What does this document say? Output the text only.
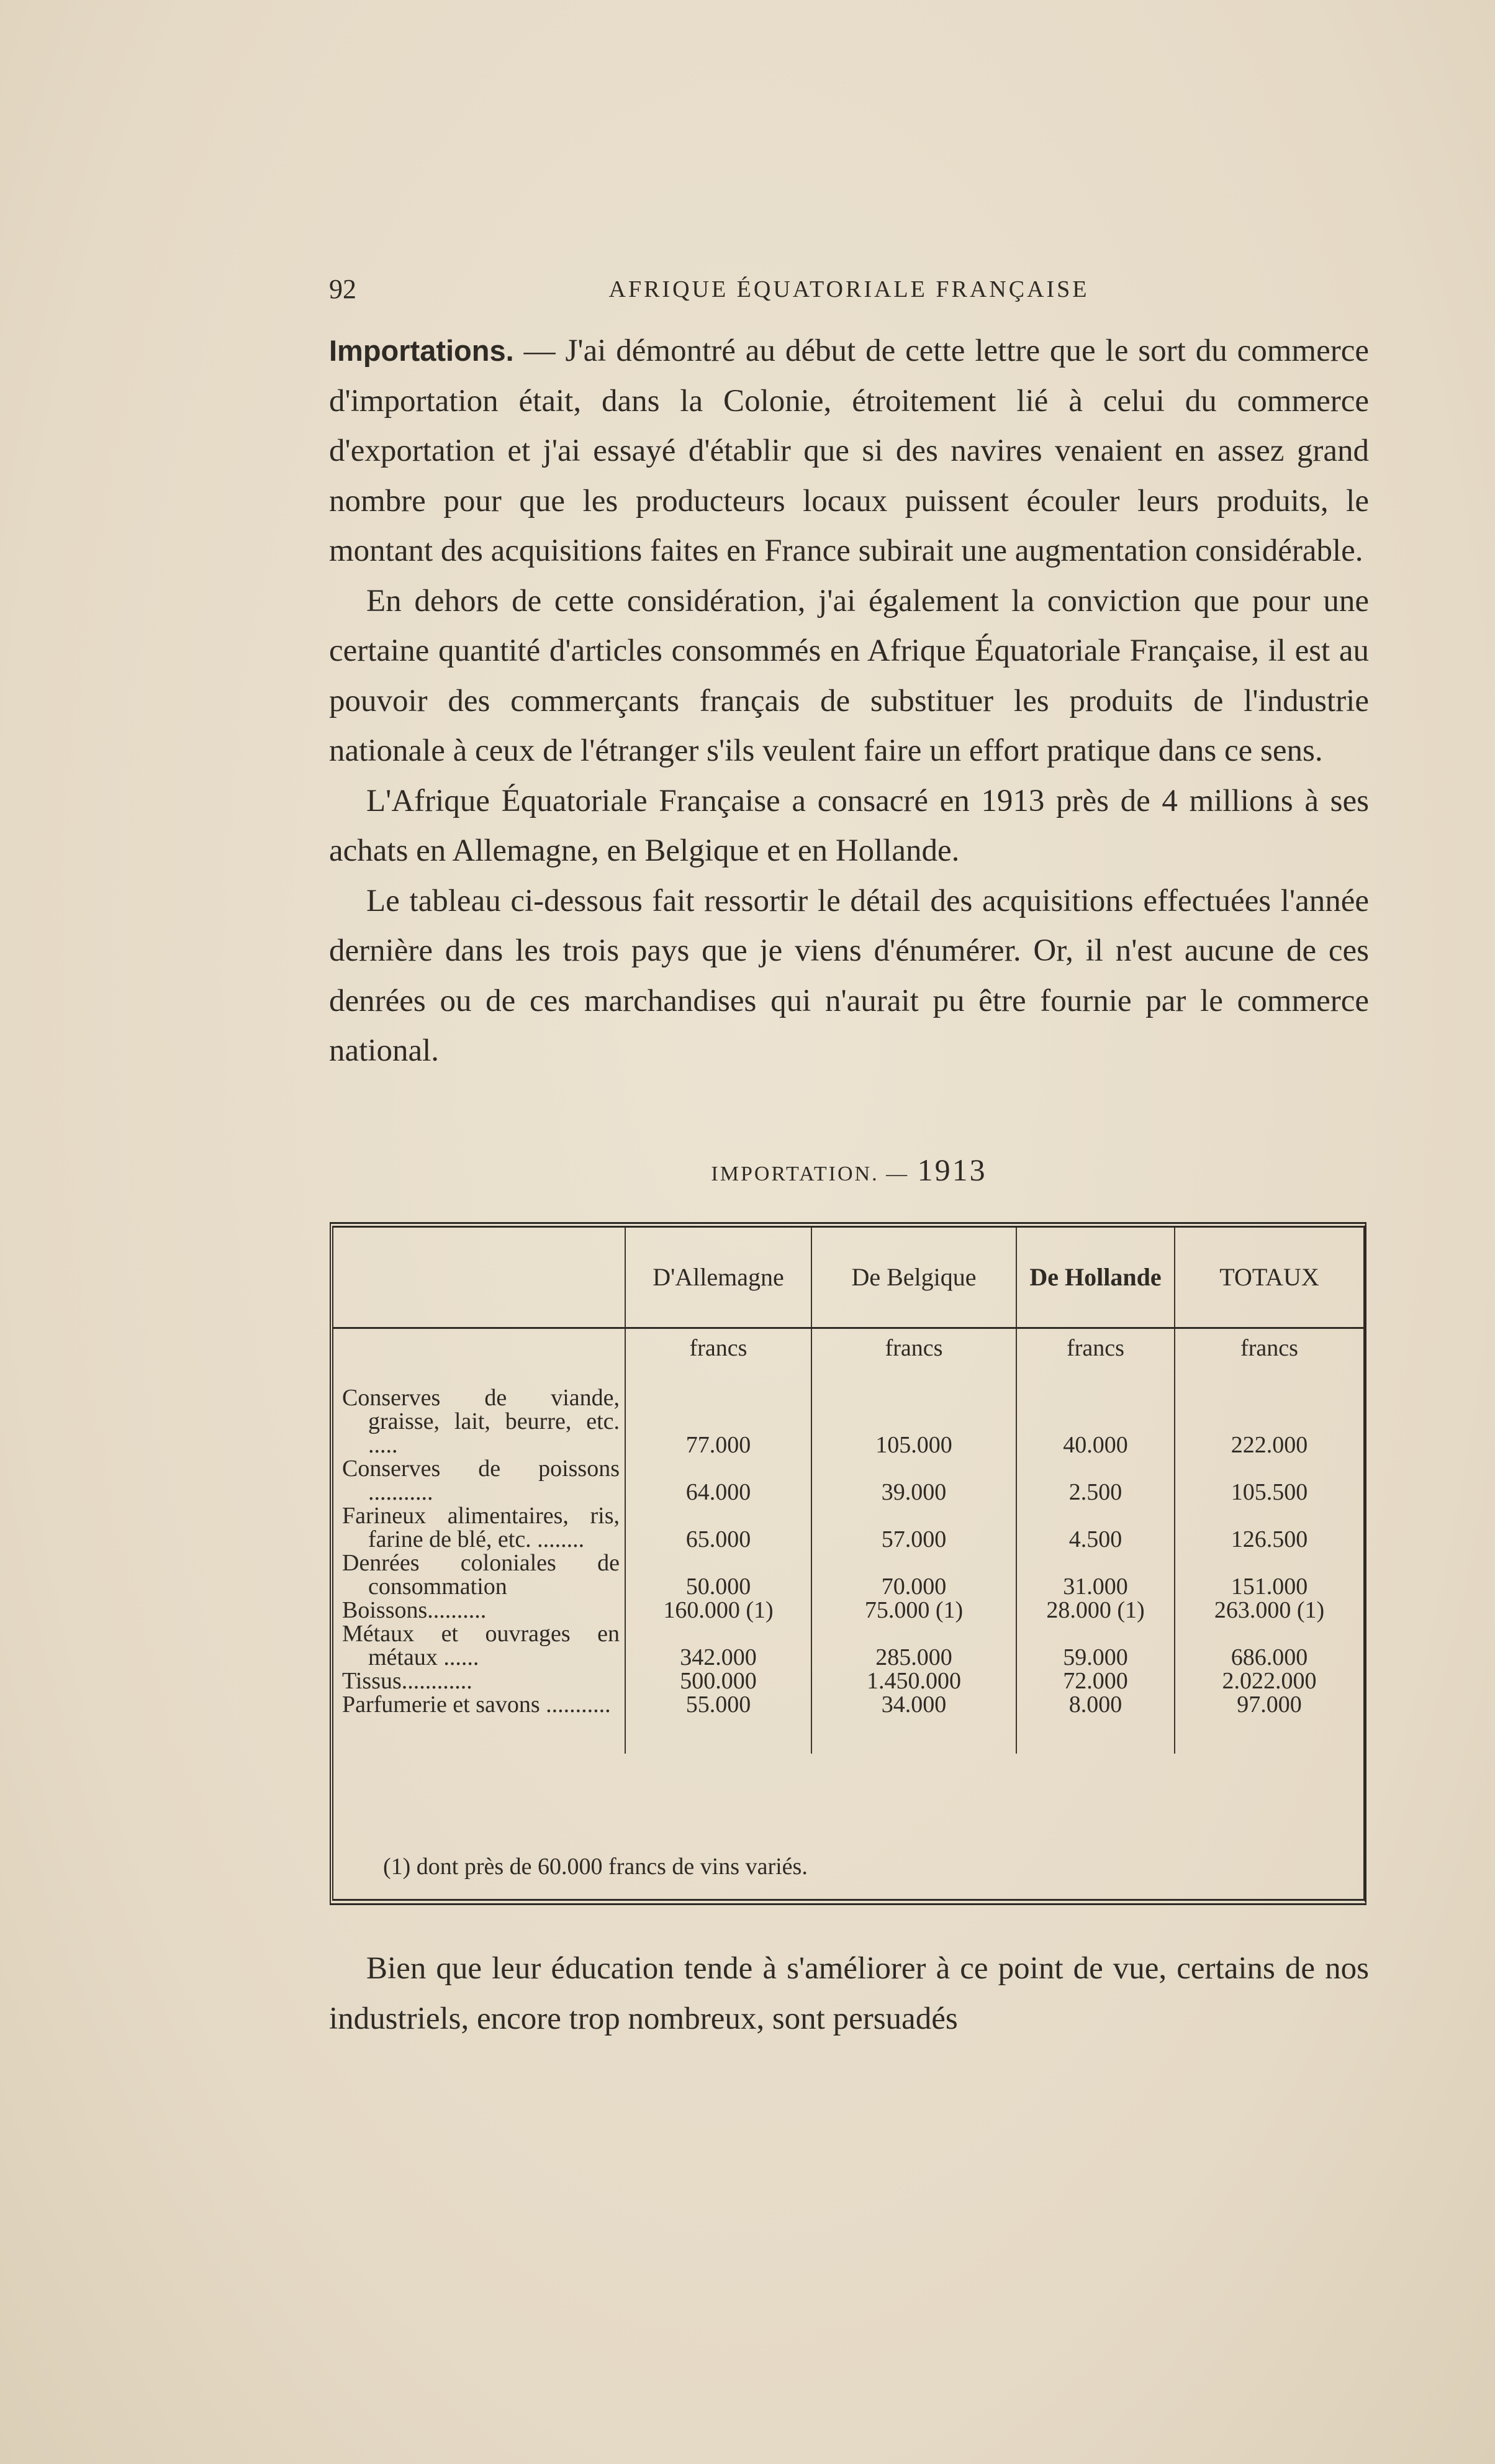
92	AFRIQUE ÉQUATORIALE FRANÇAISE

Importations. — J'ai démontré au début de cette lettre que le sort du commerce d'importation était, dans la Colonie, étroitement lié à celui du commerce d'exportation et j'ai essayé d'établir que si des navires venaient en assez grand nombre pour que les producteurs locaux puissent écouler leurs produits, le montant des acquisitions faites en France subirait une augmentation considérable.

En dehors de cette considération, j'ai également la conviction que pour une certaine quantité d'articles consommés en Afrique Équatoriale Française, il est au pouvoir des commerçants français de substituer les produits de l'industrie nationale à ceux de l'étranger s'ils veulent faire un effort pratique dans ce sens.

L'Afrique Équatoriale Française a consacré en 1913 près de 4 millions à ses achats en Allemagne, en Belgique et en Hollande.

Le tableau ci-dessous fait ressortir le détail des acquisitions effectuées l'année dernière dans les trois pays que je viens d'énumérer. Or, il n'est aucune de ces denrées ou de ces marchandises qui n'aurait pu être fournie par le commerce national.

IMPORTATION. — 1913
	D'Allemagne	De Belgique	De Hollande	TOTAUX
	francs	francs	francs	francs

Conserves de viande, graisse, lait, beurre, etc. .....	77.000	105.000	40.000	222.000

Conserves de poissons ...........	64.000	39.000	2.500	105.500

Farineux alimentaires, ris, farine de blé, etc. ........	65.000	57.000	4.500	126.500

Denrées coloniales de consommation	50.000	70.000	31.000	151.000

Boissons..........	160.000 (1)	75.000 (1)	28.000 (1)	263.000 (1)

Métaux et ouvrages en métaux ......	342.000	285.000	59.000	686.000

Tissus............	500.000	1.450.000	72.000	2.022.000

Parfumerie et savons ...........	55.000	34.000	8.000	97.000

(1) dont près de 60.000 francs de vins variés.

Bien que leur éducation tende à s'améliorer à ce point de vue, certains de nos industriels, encore trop nombreux, sont persuadés
